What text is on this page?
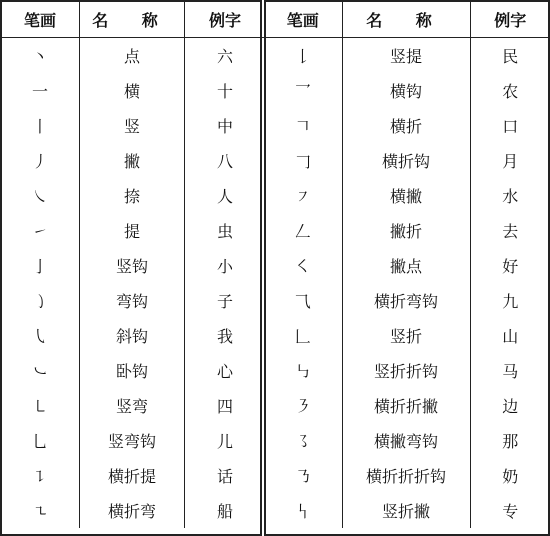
笔画	名 称	例字
丶	点	六
一	横	十
丨	竖	中
丿	撇	八
㇏	捺	人
㇀	提	虫
亅	竖钩	小
㇁	弯钩	子
㇂	斜钩	我
㇃	卧钩	心
㇄	竖弯	四
乚	竖弯钩	儿
㇊	横折提	话
㇍	横折弯	船
笔画	名 称	例字
𠄌	竖提	民
乛	横钩	农
𠃍	横折	口
𠃌	横折钩	月
㇇	横撇	水
𠃋	撇折	去
㇛	撇点	好
⺄	横折弯钩	九
𠃊	竖折	山
㇉	竖折折钩	马
㇋	横折折撇	边
㇌	横撇弯钩	那
㇡	横折折折钩	奶
𠃑	竖折撇	专
